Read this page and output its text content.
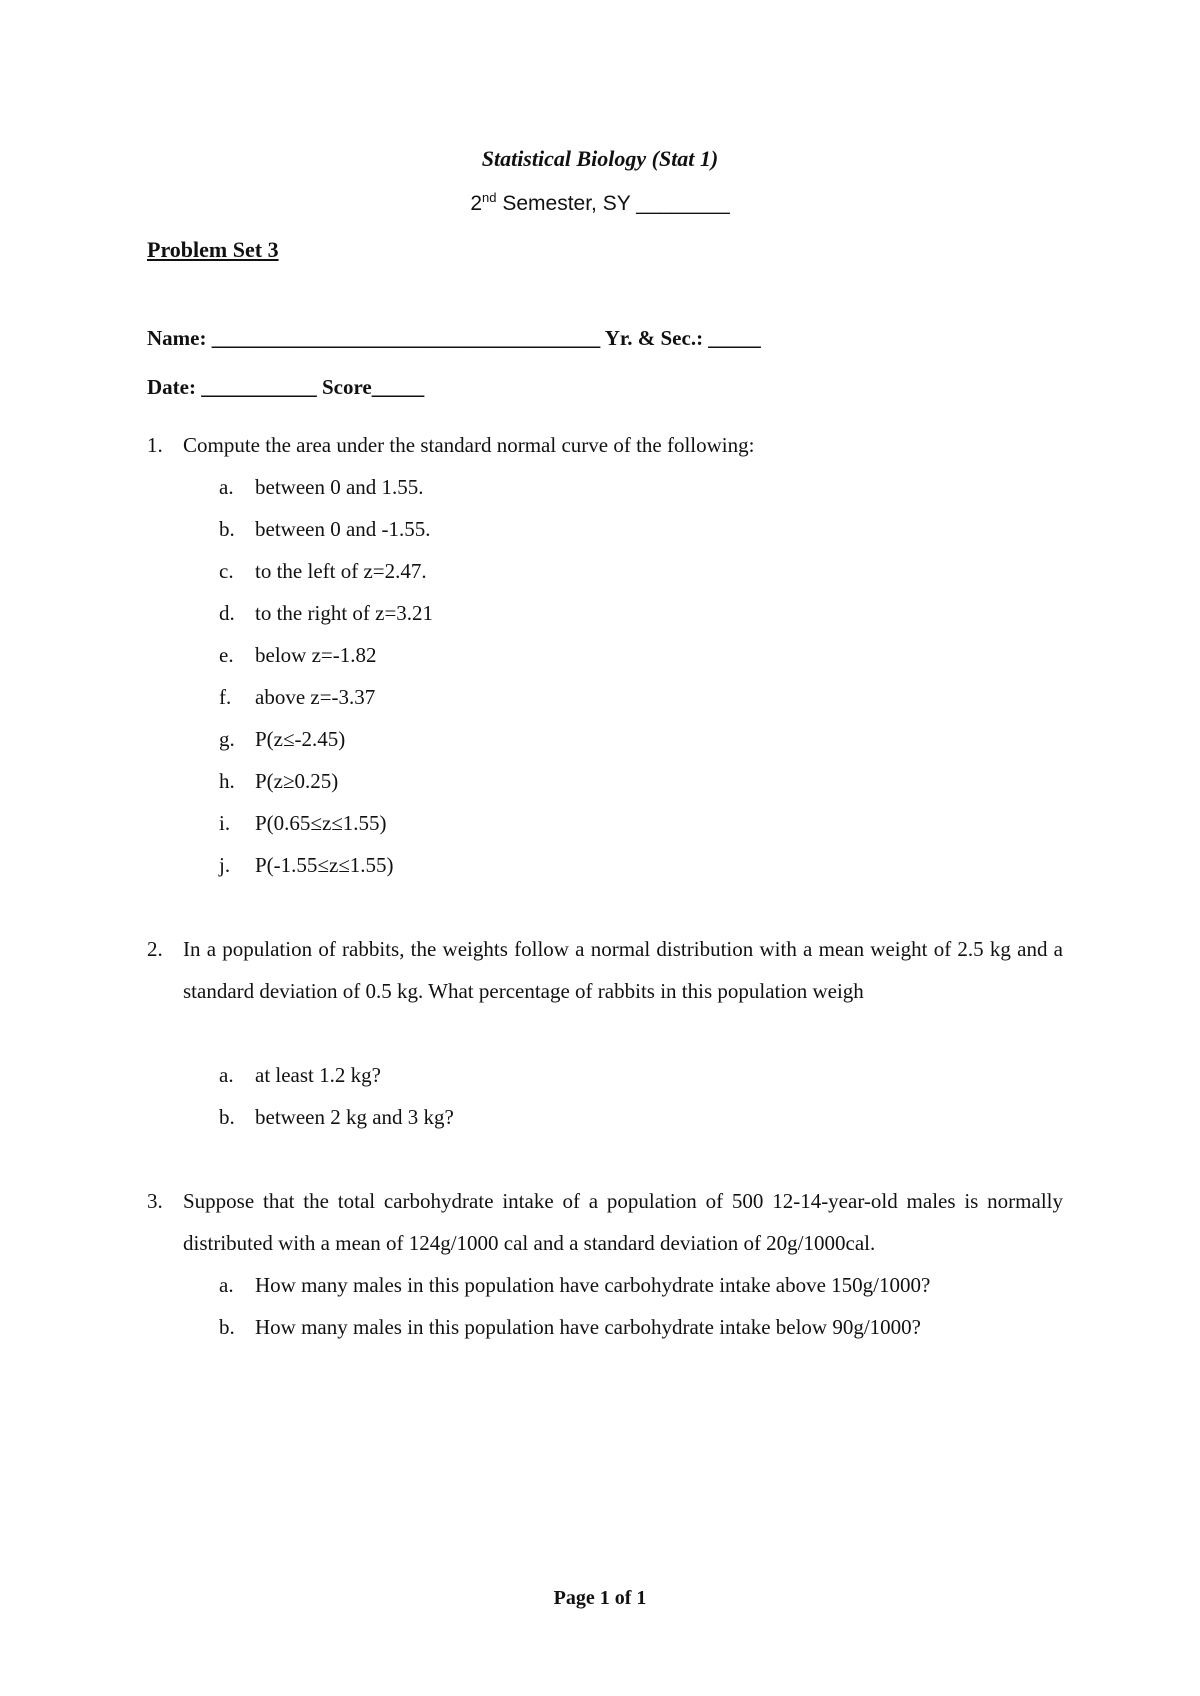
Statistical Biology (Stat 1)
2nd Semester, SY ________
Problem Set 3
Name: _____________________________________ Yr. & Sec.: _____
Date: ___________ Score_____
1. Compute the area under the standard normal curve of the following:
a. between 0 and 1.55.
b. between 0 and -1.55.
c. to the left of z=2.47.
d. to the right of z=3.21
e. below z=-1.82
f. above z=-3.37
g. P(z≤-2.45)
h. P(z≥0.25)
i. P(0.65≤z≤1.55)
j. P(-1.55≤z≤1.55)
2. In a population of rabbits, the weights follow a normal distribution with a mean weight of 2.5 kg and a standard deviation of 0.5 kg. What percentage of rabbits in this population weigh
a. at least 1.2 kg?
b. between 2 kg and 3 kg?
3. Suppose that the total carbohydrate intake of a population of 500 12-14-year-old males is normally distributed with a mean of 124g/1000 cal and a standard deviation of 20g/1000cal.
a. How many males in this population have carbohydrate intake above 150g/1000?
b. How many males in this population have carbohydrate intake below 90g/1000?
Page 1 of 1
